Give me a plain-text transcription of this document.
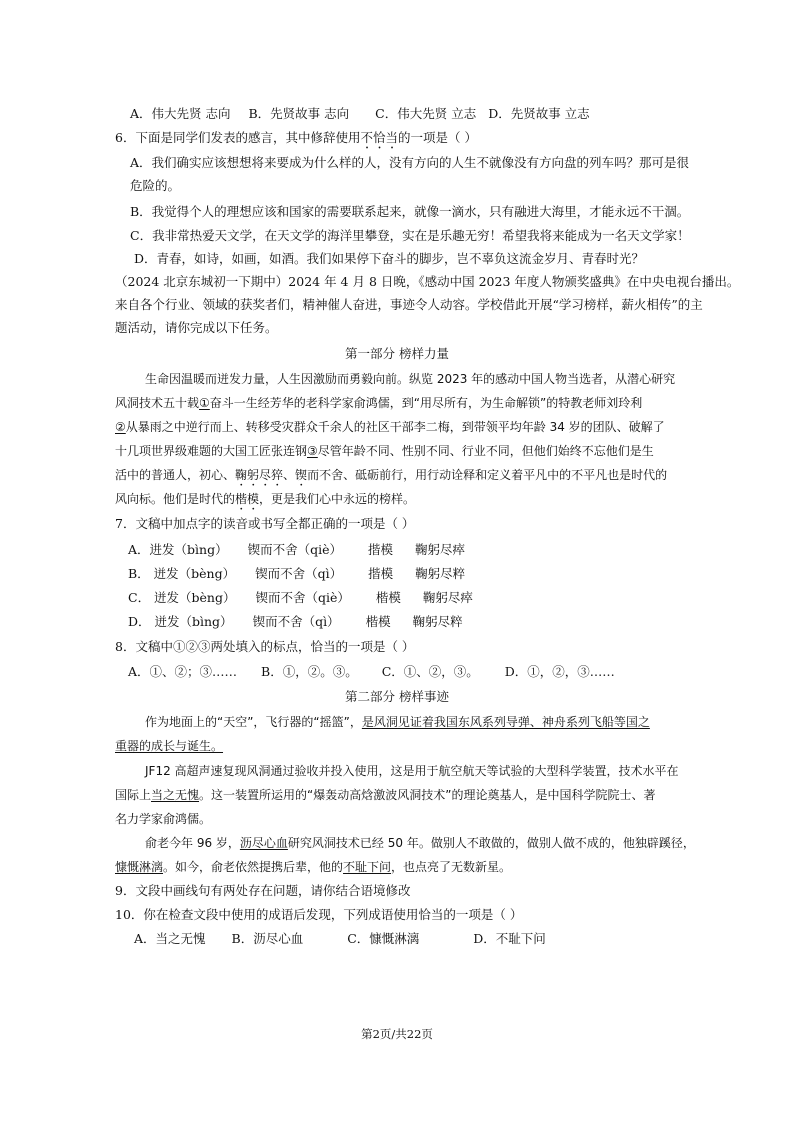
A．伟大先贤 志向 B．先贤故事 志向 C．伟大先贤 立志 D．先贤故事 立志
6．下面是同学们发表的感言，其中修辞使用不恰当的一项是（ ）
A．我们确实应该想想将来要成为什么样的人，没有方向的人生不就像没有方向盘的列车吗？那可是很
危险的。
B．我觉得个人的理想应该和国家的需要联系起来，就像一滴水，只有融进大海里，才能永远不干涸。
C．我非常热爱天文学，在天文学的海洋里攀登，实在是乐趣无穷！希望我将来能成为一名天文学家！
D．青春，如诗，如画，如酒。我们如果停下奋斗的脚步，岂不辜负这流金岁月、青春时光？
（2024 北京东城初一下期中）2024 年 4 月 8 日晚，《感动中国 2023 年度人物颁奖盛典》在中央电视台播出。
来自各个行业、领域的获奖者们，精神催人奋进，事迹令人动容。学校借此开展“学习榜样，薪火相传”的主
题活动，请你完成以下任务。
第一部分 榜样力量
生命因温暖而迸发力量，人生因激励而勇毅向前。纵览 2023 年的感动中国人物当选者，从潜心研究
风洞技术五十载①奋斗一生经芳华的老科学家俞鸿儒，到“用尽所有，为生命解锁”的特教老师刘玲利
②从暴雨之中逆行而上、转移受灾群众千余人的社区干部李二梅，到带领平均年龄 34 岁的团队、破解了
十几项世界级难题的大国工匠张连钢③尽管年龄不同、性别不同、行业不同，但他们始终不忘他们是生
活中的普通人，初心、鞠躬尽猝、锲而不舍、砥砺前行，用行动诠释和定义着平凡中的不平凡也是时代的
风向标。他们是时代的楷模，更是我们心中永远的榜样。
7．文稿中加点字的读音或书写全都正确的一项是（ ）
A．进发（bìng） 锲而不舍（qiè） 揩模 鞠躬尽瘁
B． 迸发（bèng） 锲而不舍（qì） 揩模 鞠躬尽粹
C． 迸发（bèng） 锲而不舍（qiè） 楷模 鞠躬尽瘁
D． 迸发（bìng） 锲而不舍（qì） 楷模 鞠躬尽粹
8．文稿中①②③两处填入的标点，恰当的一项是（ ）
A．①、②；③…… B．①，②。③。 C．①、②，③。 D．①，②，③……
第二部分 榜样事迹
作为地面上的“天空”，飞行器的“摇篮”，是风洞见证着我国东风系列导弹、神舟系列飞船等国之
重器的成长与诞生。
JF12 高超声速复现风洞通过验收并投入使用，这是用于航空航天等试验的大型科学装置，技术水平在
国际上当之无愧。这一装置所运用的“爆轰动高焓激波风洞技术”的理论奠基人，是中国科学院院士、著
名力学家俞鸿儒。
俞老今年 96 岁，沥尽心血研究风洞技术已经 50 年。做别人不敢做的，做别人做不成的，他独辟蹊径，
慷慨淋漓。如今，俞老依然提携后辈，他的不耻下问，也点亮了无数新星。
9．文段中画线句有两处存在问题，请你结合语境修改
10．你在检查文段中使用的成语后发现，下列成语使用恰当的一项是（ ）
A．当之无愧 B．沥尽心血	C．慷慨淋漓	D．不耻下问
第2页/共22页
